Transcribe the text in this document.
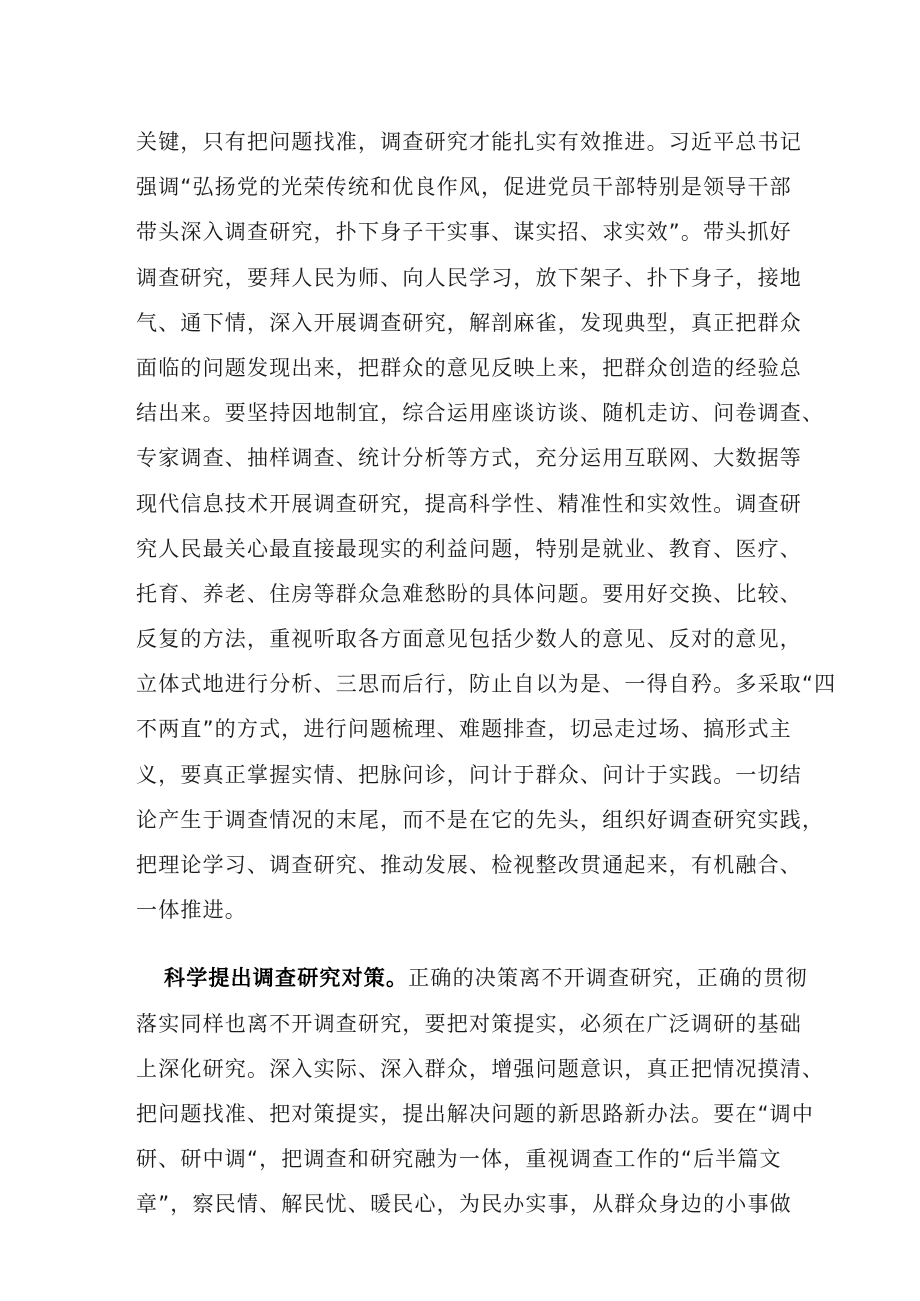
关键，只有把问题找准，调查研究才能扎实有效推进。习近平总书记
强调“弘扬党的光荣传统和优良作风，促进党员干部特别是领导干部
带头深入调查研究，扑下身子干实事、谋实招、求实效”。带头抓好
调查研究，要拜人民为师、向人民学习，放下架子、扑下身子，接地
气、通下情，深入开展调查研究，解剖麻雀，发现典型，真正把群众
面临的问题发现出来，把群众的意见反映上来，把群众创造的经验总
结出来。要坚持因地制宜，综合运用座谈访谈、随机走访、问卷调查、
专家调查、抽样调查、统计分析等方式，充分运用互联网、大数据等
现代信息技术开展调查研究，提高科学性、精准性和实效性。调查研
究人民最关心最直接最现实的利益问题，特别是就业、教育、医疗、
托育、养老、住房等群众急难愁盼的具体问题。要用好交换、比较、
反复的方法，重视听取各方面意见包括少数人的意见、反对的意见，
立体式地进行分析、三思而后行，防止自以为是、一得自矜。多采取“四
不两直”的方式，进行问题梳理、难题排查，切忌走过场、搞形式主
义，要真正掌握实情、把脉问诊，问计于群众、问计于实践。一切结
论产生于调查情况的末尾，而不是在它的先头，组织好调查研究实践，
把理论学习、调查研究、推动发展、检视整改贯通起来，有机融合、
一体推进。
科学提出调查研究对策。正确的决策离不开调查研究，正确的贯彻
落实同样也离不开调查研究，要把对策提实，必须在广泛调研的基础
上深化研究。深入实际、深入群众，增强问题意识，真正把情况摸清、
把问题找准、把对策提实，提出解决问题的新思路新办法。要在“调中
研、研中调“，把调查和研究融为一体，重视调查工作的“后半篇文
章”，察民情、解民忧、暖民心，为民办实事，从群众身边的小事做
